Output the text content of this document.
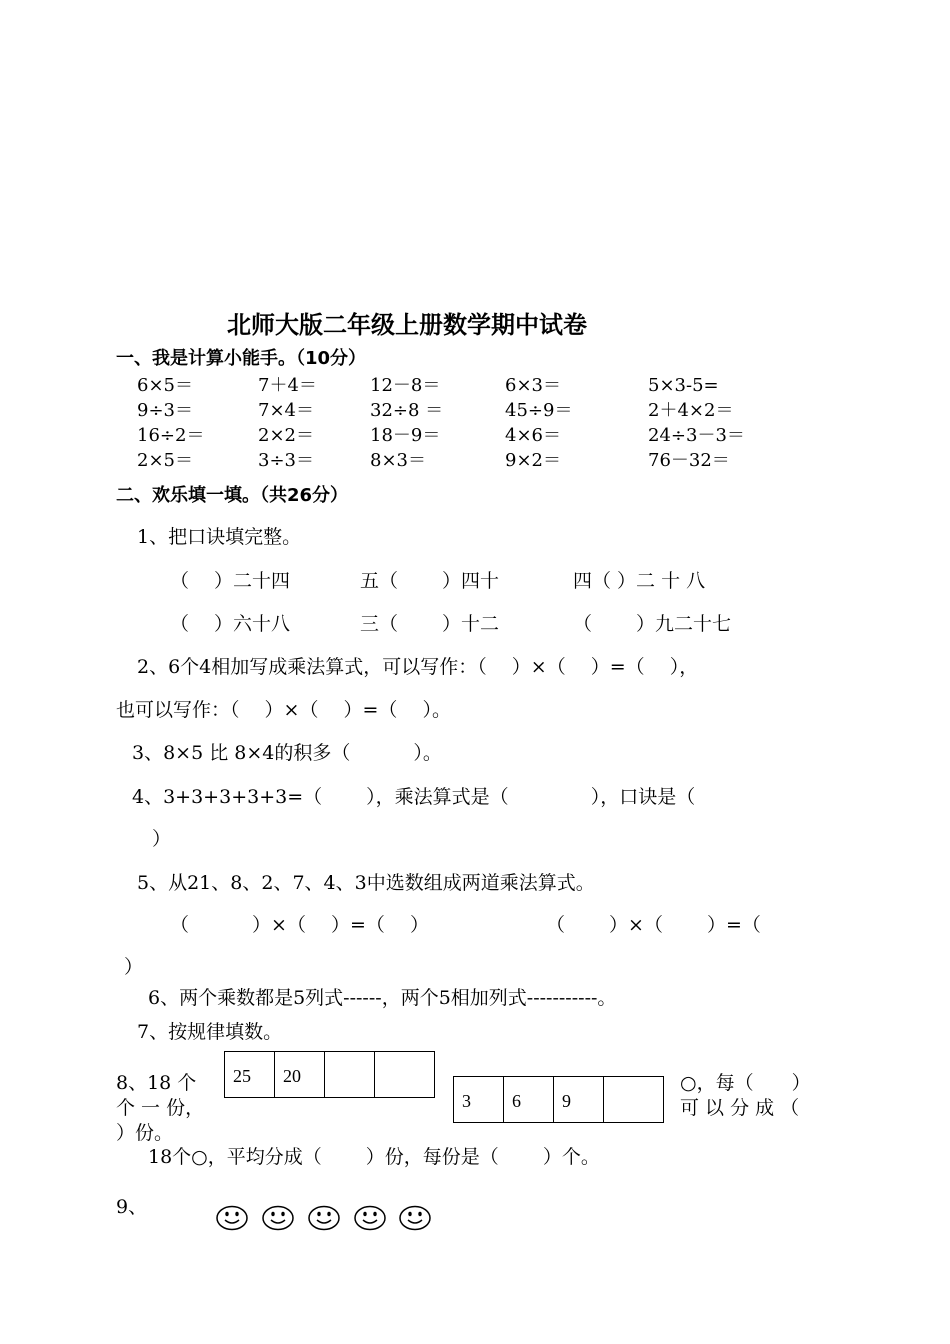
北师大版二年级上册数学期中试卷
一、我是计算小能手。（10分）
6×5＝	7＋4＝	12－8＝	6×3＝	5×3-5=
9÷3＝	7×4＝	32÷8 ＝	45÷9＝	2＋4×2＝
16÷2＝	2×2＝	18－9＝	4×6＝	24÷3－3＝
2×5＝	3÷3＝	8×3＝	9×2＝	76－32＝
二、欢乐填一填。（共26分）
1、把口诀填完整。
（　 ）二十四	五（　　 ）四十	四（ ）二 十 八
（　 ）六十八	三（　　 ）十二	（　　 ）九二十七
2、6个4相加写成乘法算式，可以写作：（　 ）×（　 ）=（　 ），
也可以写作：（　 ）×（　 ）=（　 ）。
3、8×5 比 8×4的积多（　　　 ）。
4、3+3+3+3+3=（　　 ），乘法算式是（　　　　 ），口诀是（
）
5、从21、8、2、7、4、3中选数组成两道乘法算式。
（　　　 ）×（　 ）=（　 ）	（　　 ）×（　　 ）=（
）
6、两个乘数都是5列式------，两个5相加列式-----------。
7、按规律填数。
25	20		
3	6	9	
8、18 个
个 一 份，
○，每（　　）
可 以 分 成 （
）份。
18个○，平均分成（　　 ）份，每份是（　　 ）个。
9、
